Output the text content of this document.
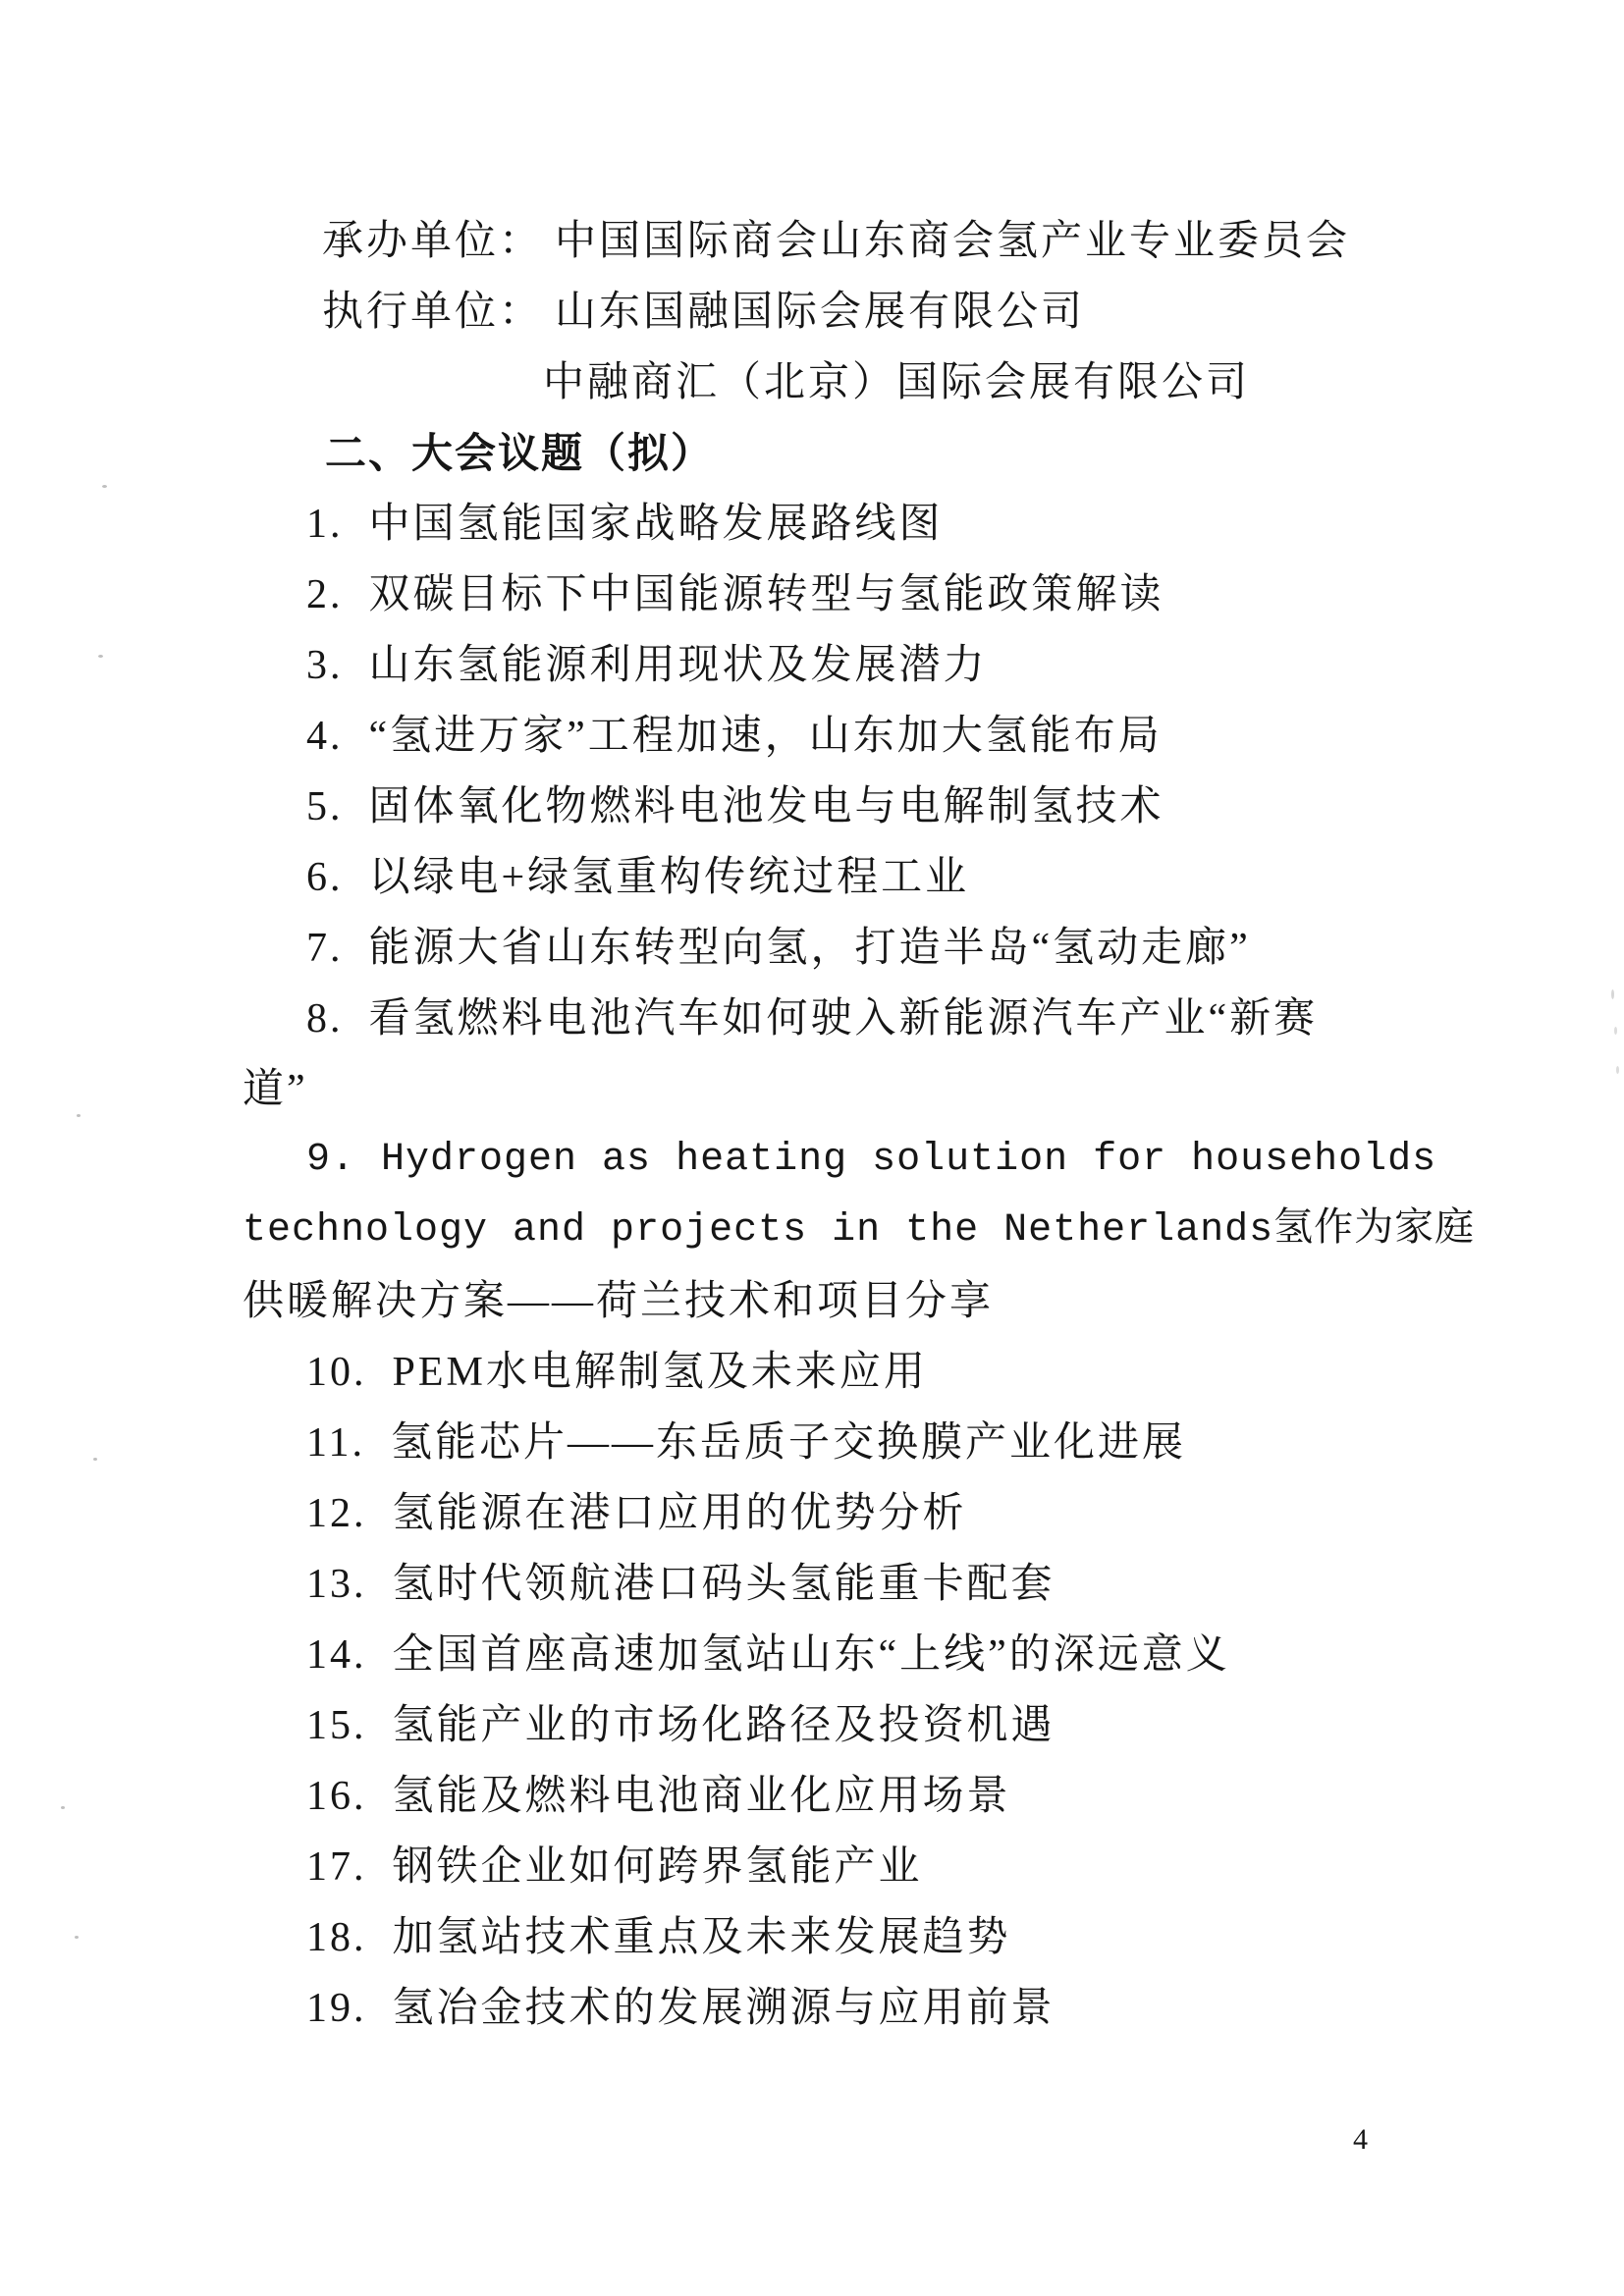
承办单位： 中国国际商会山东商会氢产业专业委员会
执行单位： 山东国融国际会展有限公司
中融商汇（北京）国际会展有限公司
二、大会议题（拟）
1. 中国氢能国家战略发展路线图
2. 双碳目标下中国能源转型与氢能政策解读
3. 山东氢能源利用现状及发展潜力
4. “氢进万家”工程加速，山东加大氢能布局
5. 固体氧化物燃料电池发电与电解制氢技术
6. 以绿电+绿氢重构传统过程工业
7. 能源大省山东转型向氢，打造半岛“氢动走廊”
8. 看氢燃料电池汽车如何驶入新能源汽车产业“新赛
道”
9. Hydrogen as heating solution for households
technology and projects in the Netherlands氢作为家庭
供暖解决方案——荷兰技术和项目分享
10. PEM水电解制氢及未来应用
11. 氢能芯片——东岳质子交换膜产业化进展
12. 氢能源在港口应用的优势分析
13. 氢时代领航港口码头氢能重卡配套
14. 全国首座高速加氢站山东“上线”的深远意义
15. 氢能产业的市场化路径及投资机遇
16. 氢能及燃料电池商业化应用场景
17. 钢铁企业如何跨界氢能产业
18. 加氢站技术重点及未来发展趋势
19. 氢冶金技术的发展溯源与应用前景
4
